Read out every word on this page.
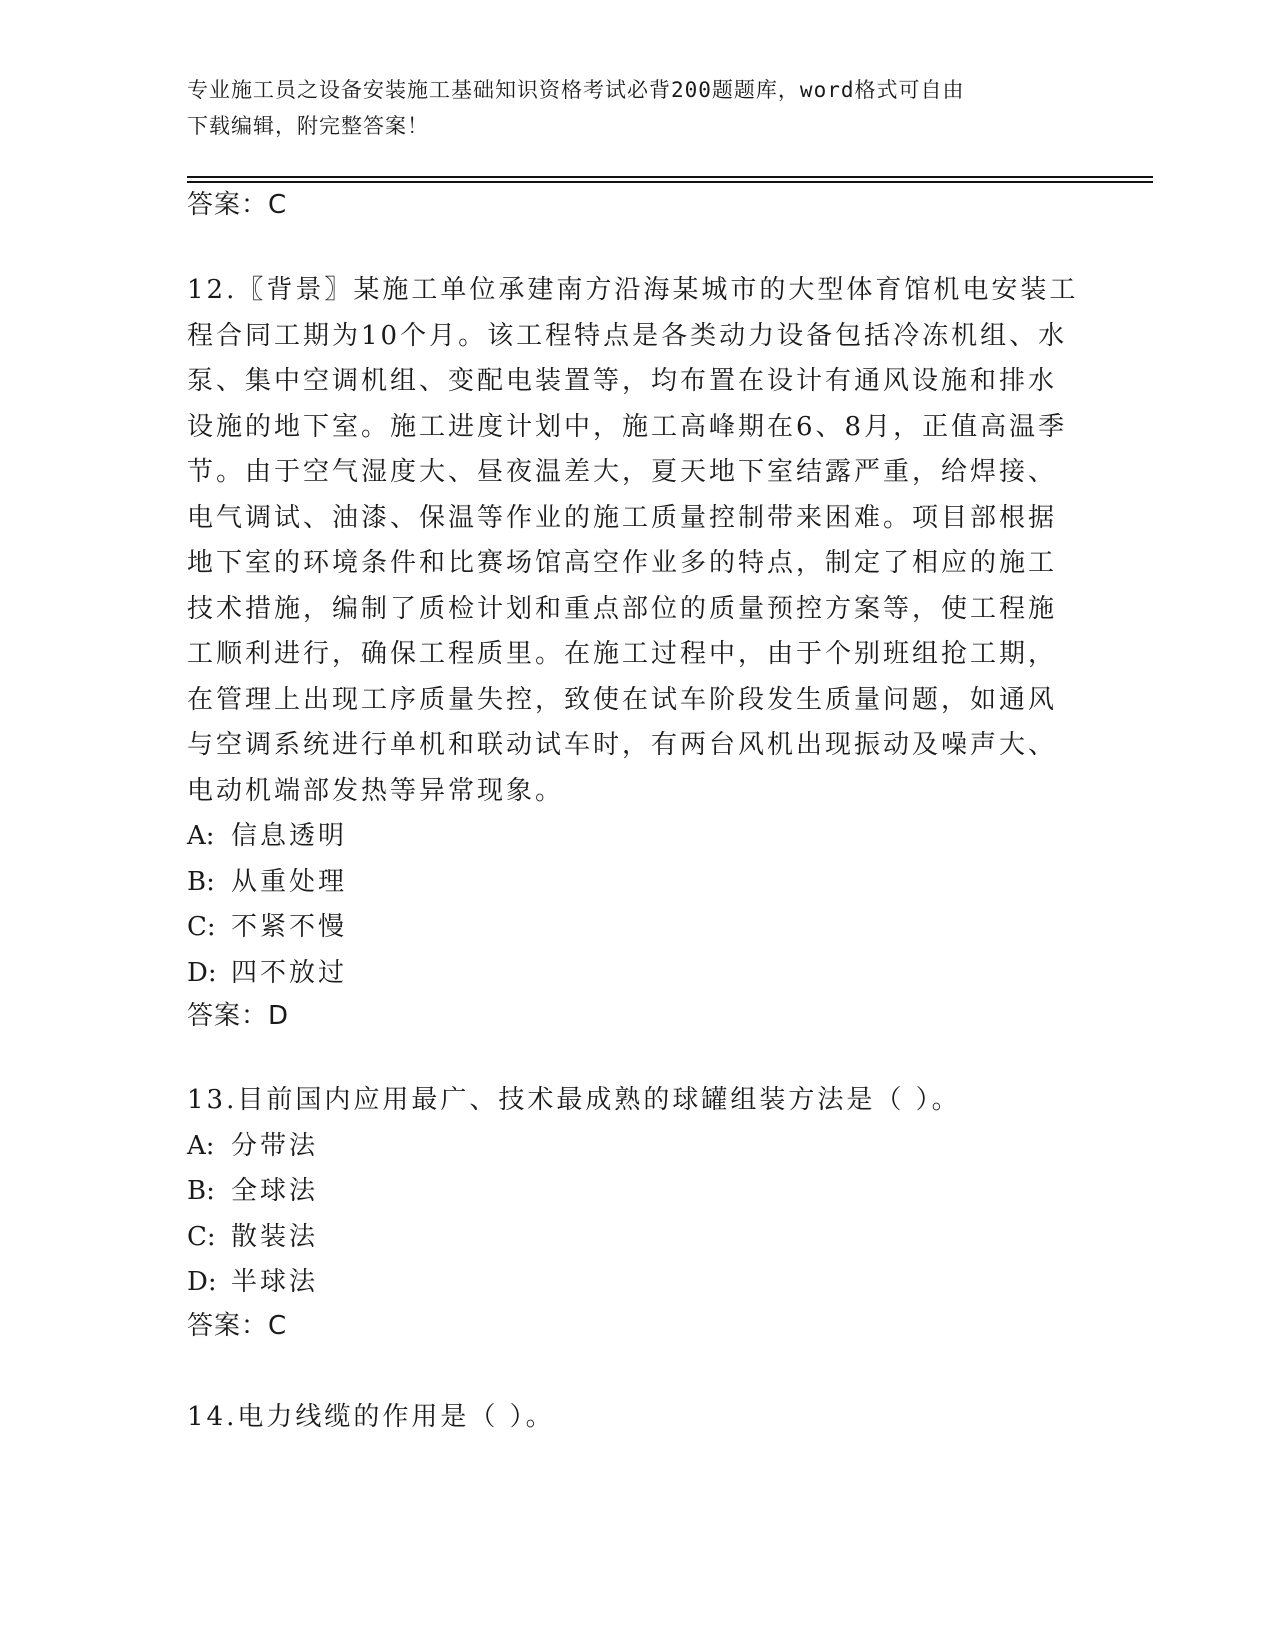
专业施工员之设备安装施工基础知识资格考试必背200题题库，word格式可自由
下载编辑，附完整答案！
答案：C
12.〖背景〗某施工单位承建南方沿海某城市的大型体育馆机电安装工
程合同工期为10个月。该工程特点是各类动力设备包括冷冻机组、水
泵、集中空调机组、变配电装置等，均布置在设计有通风设施和排水
设施的地下室。施工进度计划中，施工高峰期在6、8月，正值高温季
节。由于空气湿度大、昼夜温差大，夏天地下室结露严重，给焊接、
电气调试、油漆、保温等作业的施工质量控制带来困难。项目部根据
地下室的环境条件和比赛场馆高空作业多的特点，制定了相应的施工
技术措施，编制了质检计划和重点部位的质量预控方案等，使工程施
工顺利进行，确保工程质里。在施工过程中，由于个别班组抢工期，
在管理上出现工序质量失控，致使在试车阶段发生质量问题，如通风
与空调系统进行单机和联动试车时，有两台风机出现振动及噪声大、
电动机端部发热等异常现象。
A: 信息透明
B: 从重处理
C: 不紧不慢
D: 四不放过
答案：D
13.目前国内应用最广、技术最成熟的球罐组装方法是（ ）。
A: 分带法
B: 全球法
C: 散装法
D: 半球法
答案：C
14.电力线缆的作用是（ ）。
